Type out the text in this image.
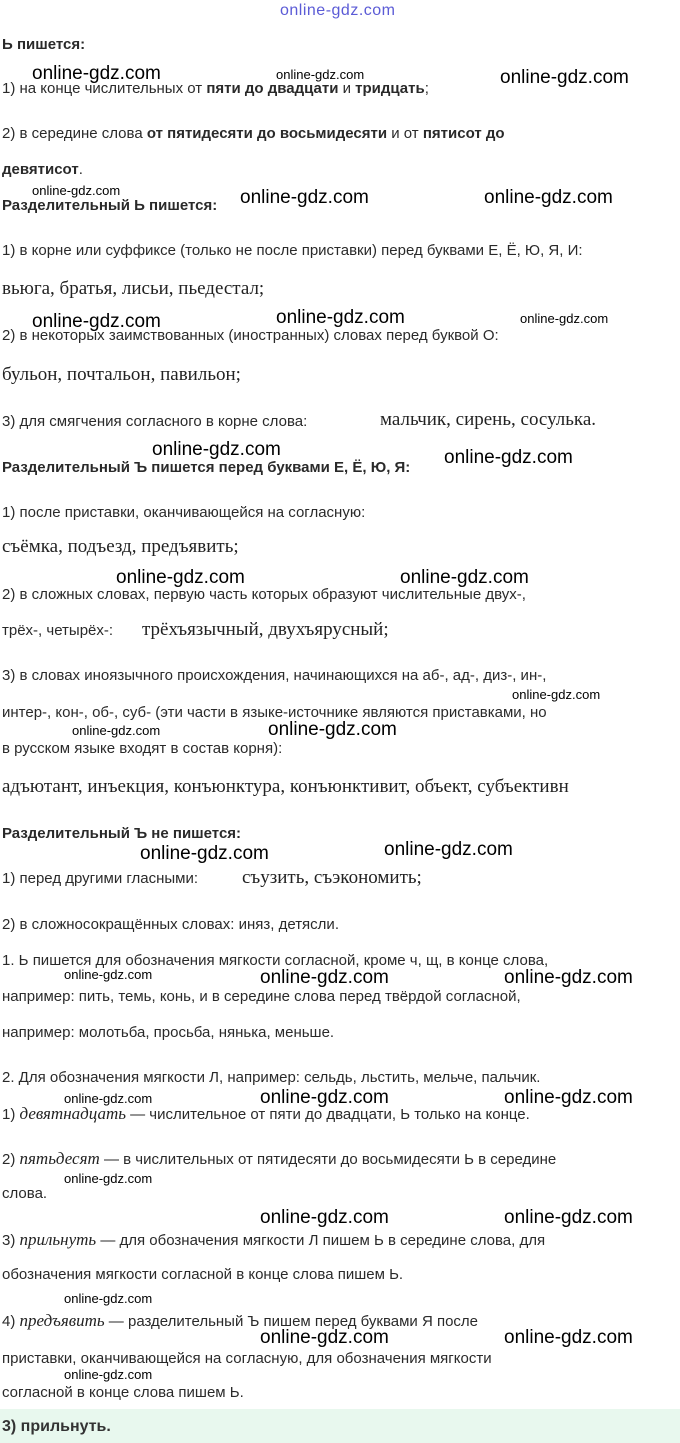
online-gdz.com
Ь пишется:
1) на конце числительных от пяти до двадцати и тридцать;
2) в середине слова от пятидесяти до восьмидесяти и от пятисот до
девятисот.
Разделительный Ь пишется:
1) в корне или суффиксе (только не после приставки) перед буквами Е, Ё, Ю, Я, И:
вьюга, братья, лисьи, пьедестал;
2) в некоторых заимствованных (иностранных) словах перед буквой О:
бульон, почтальон, павильон;
3) для смягчения согласного в корне слова:	мальчик, сирень, сосулька.
Разделительный Ъ пишется перед буквами Е, Ё, Ю, Я:
1) после приставки, оканчивающейся на согласную:
съёмка, подъезд, предъявить;
2) в сложных словах, первую часть которых образуют числительные двух-,
трёх-, четырёх-: трёхъязычный, двухъярусный;
3) в словах иноязычного происхождения, начинающихся на аб-, ад-, диз-, ин-,
интер-, кон-, об-, суб- (эти части в языке-источнике являются приставками, но
в русском языке входят в состав корня):
адъютант, инъекция, конъюнктура, конъюнктивит, объект, субъективн
Разделительный Ъ не пишется:
1) перед другими гласными: съузить, съэкономить;
2) в сложносокращённых словах: иняз, детясли.
1. Ь пишется для обозначения мягкости согласной, кроме ч, щ, в конце слова,
например: пить, темь, конь, и в середине слова перед твёрдой согласной,
например: молотьба, просьба, нянька, меньше.
2. Для обозначения мягкости Л, например: сельдь, льстить, мельче, пальчик.
1) девятнадцать — числительное от пяти до двадцати, Ь только на конце.
2) пятьдесят — в числительных от пятидесяти до восьмидесяти Ь в середине
слова.
3) прильнуть — для обозначения мягкости Л пишем Ь в середине слова, для
обозначения мягкости согласной в конце слова пишем Ь.
4) предъявить — разделительный Ъ пишем перед буквами Я после
приставки, оканчивающейся на согласную, для обозначения мягкости
согласной в конце слова пишем Ь.
3) прильнуть.
online-gdz.com	online-gdz.com	online-gdz.com
online-gdz.com	online-gdz.com	online-gdz.com
online-gdz.com	online-gdz.com	online-gdz.com
online-gdz.com	online-gdz.com
online-gdz.com	online-gdz.com
online-gdz.com
online-gdz.com	online-gdz.com
online-gdz.com	online-gdz.com
online-gdz.com	online-gdz.com	online-gdz.com
online-gdz.com	online-gdz.com	online-gdz.com
online-gdz.com
online-gdz.com	online-gdz.com
online-gdz.com
online-gdz.com	online-gdz.com
online-gdz.com
